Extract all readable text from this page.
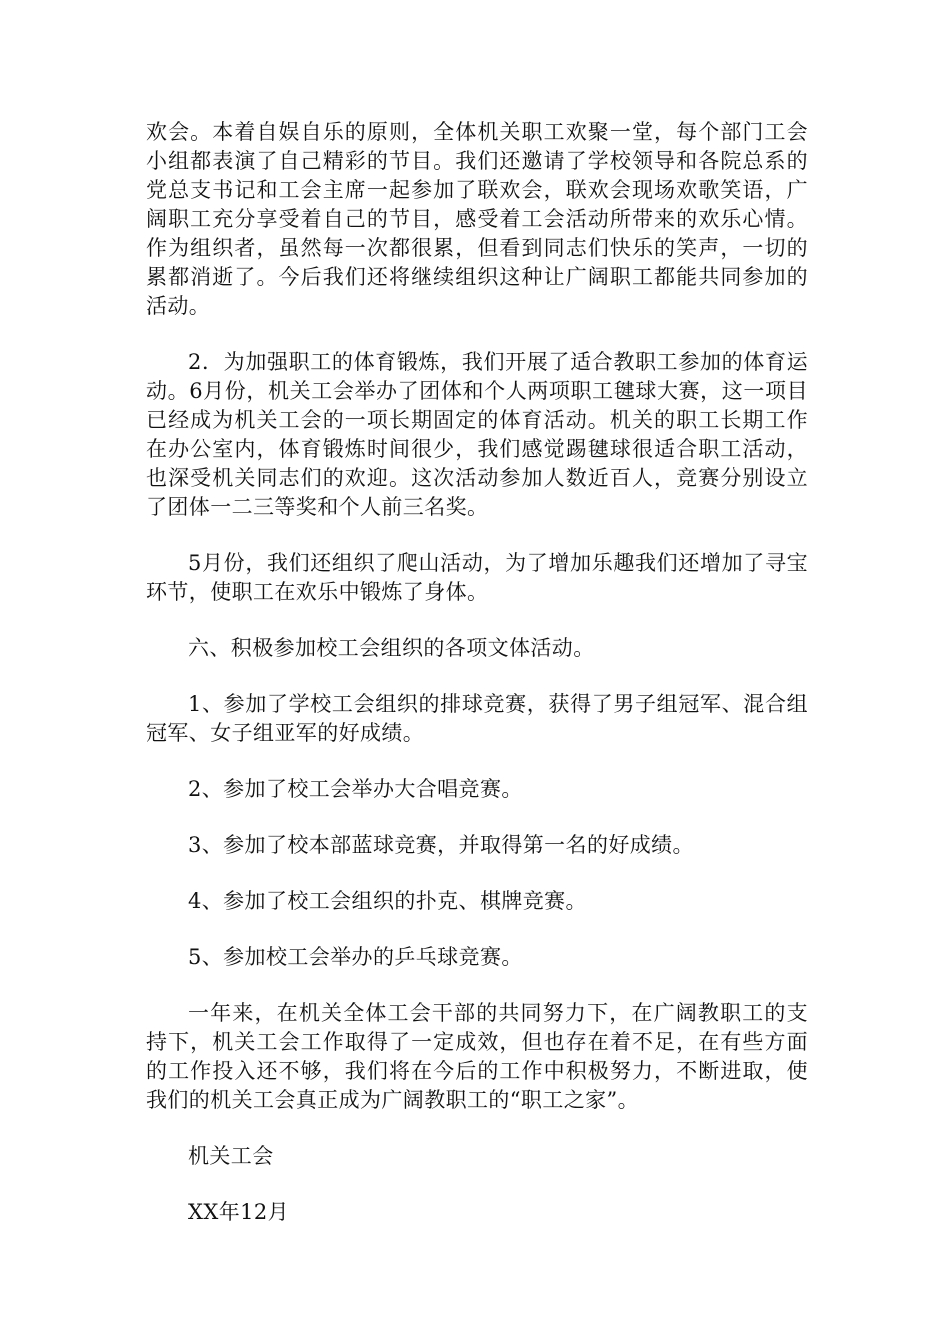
欢会。本着自娱自乐的原则，全体机关职工欢聚一堂，每个部门工会小组都表演了自己精彩的节目。我们还邀请了学校领导和各院总系的党总支书记和工会主席一起参加了联欢会，联欢会现场欢歌笑语，广阔职工充分享受着自己的节目，感受着工会活动所带来的欢乐心情。作为组织者，虽然每一次都很累，但看到同志们快乐的笑声，一切的累都消逝了。今后我们还将继续组织这种让广阔职工都能共同参加的活动。

2．为加强职工的体育锻炼，我们开展了适合教职工参加的体育运动。6月份，机关工会举办了团体和个人两项职工毽球大赛，这一项目已经成为机关工会的一项长期固定的体育活动。机关的职工长期工作在办公室内，体育锻炼时间很少，我们感觉踢毽球很适合职工活动，也深受机关同志们的欢迎。这次活动参加人数近百人，竞赛分别设立了团体一二三等奖和个人前三名奖。

5月份，我们还组织了爬山活动，为了增加乐趣我们还增加了寻宝环节，使职工在欢乐中锻炼了身体。

六、积极参加校工会组织的各项文体活动。

1、参加了学校工会组织的排球竞赛，获得了男子组冠军、混合组冠军、女子组亚军的好成绩。

2、参加了校工会举办大合唱竞赛。

3、参加了校本部蓝球竞赛，并取得第一名的好成绩。

4、参加了校工会组织的扑克、棋牌竞赛。

5、参加校工会举办的乒乓球竞赛。

一年来，在机关全体工会干部的共同努力下，在广阔教职工的支持下，机关工会工作取得了一定成效，但也存在着不足，在有些方面的工作投入还不够，我们将在今后的工作中积极努力，不断进取，使我们的机关工会真正成为广阔教职工的“职工之家”。

机关工会

XX年12月
